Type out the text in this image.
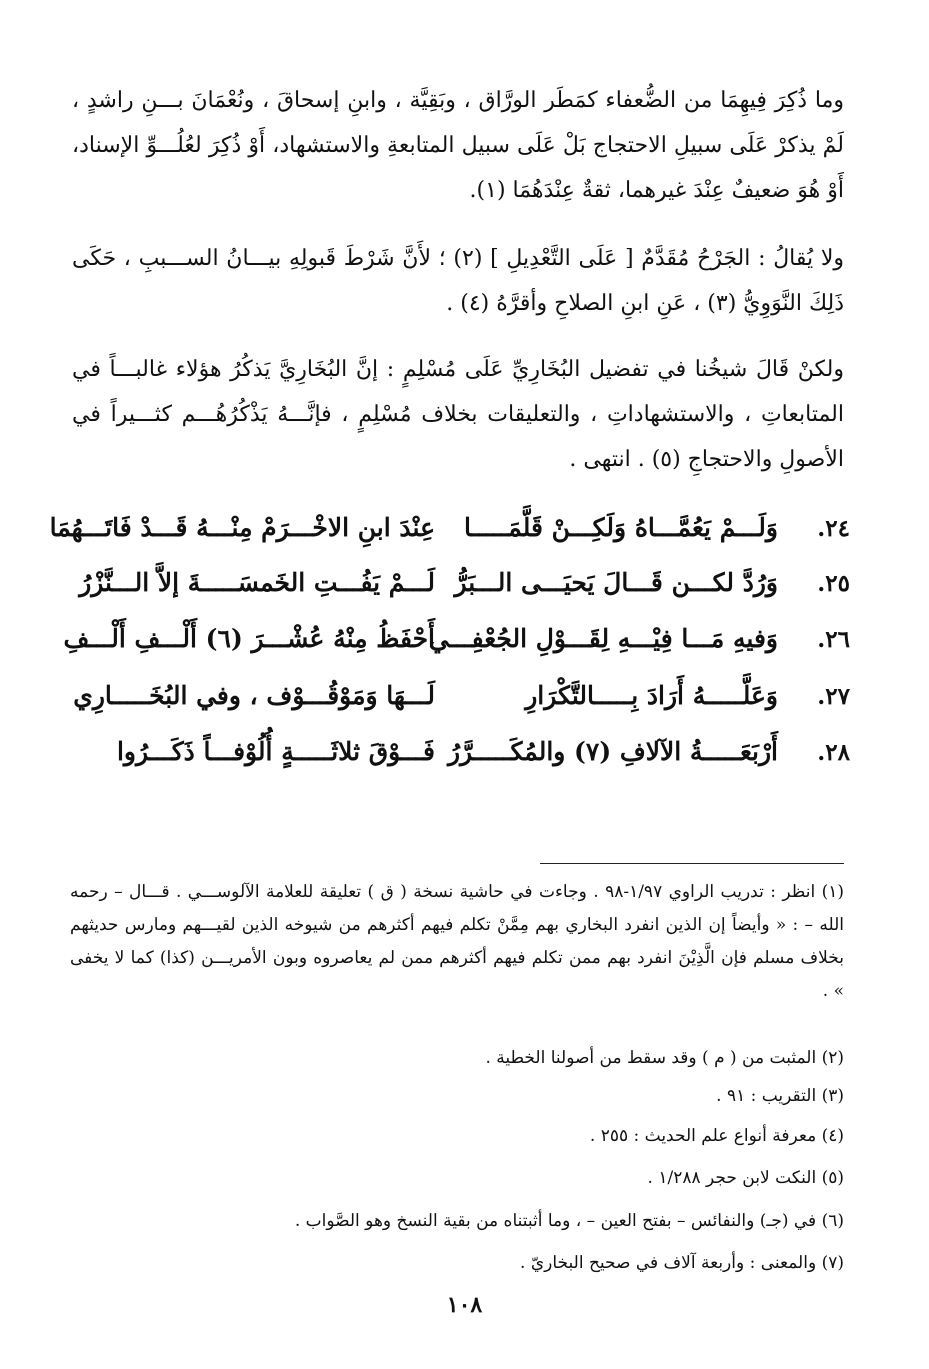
وما ذُكِرَ فِيهِمَا من الضُّعفاء كمَطَر الورَّاق ، وبَقِيَّة ، وابنِ إسحاقَ ، ونُعْمَانَ بـــنِ راشدٍ ، لَمْ يذكرْ عَلَى سبيلِ الاحتجاج بَلْ عَلَى سبيل المتابعةِ والاستشهاد، أَوْ ذُكِرَ لعُلُـــوِّ الإسناد، أَوْ هُوَ ضعيفٌ عِنْدَ غيرهما، ثقةٌ عِنْدَهُمَا (١).
ولا يُقالُ : الجَرْحُ مُقَدَّمٌ [ عَلَى التَّعْدِيلِ ] (٢) ؛ لأَنَّ شَرْطَ قَبولِهِ بيـــانُ الســـببِ ، حَكَى ذَلِكَ النَّوَوِيُّ (٣) ، عَنِ ابنِ الصلاحِ وأقرَّهُ (٤) .
ولكنْ قَالَ شيخُنا في تفضيل البُخَارِيِّ عَلَى مُسْلِمٍ : إنَّ البُخَارِيَّ يَذكُرُ هؤلاء غالبـــاً في المتابعاتِ ، والاستشهاداتِ ، والتعليقات بخلاف مُسْلِمٍ ، فإنَّـــهُ يَذْكُرُهُـــم كثـــيراً في الأصولِ والاحتجاجِ (٥) . انتهى .
٢٤.
وَلَـــمْ يَعُمَّـــاهُ وَلَكِـــنْ قَلَّمَـــــا
عِنْدَ ابنِ الاخْـــرَمْ مِنْـــهُ قَـــدْ فَاتَـــهُمَا
٢٥.
وَرُدَّ لكـــن قَـــالَ يَحيَـــى الـــبَرُّ
لَـــمْ يَفُـــتِ الخَمسَـــــةَ إلاَّ الـــنَّزْرُ
٢٦.
وَفيهِ مَـــا فِيْـــهِ لِقَـــوْلِ الجُعْفِـــي
أَحْفَظُ مِنْهُ عُشْـــرَ (٦) أَلْـــفِ أَلْـــفِ
٢٧.
وَعَلَّـــــهُ أَرَادَ بِـــــالتَّكْرَارِ
لَـــهَا وَمَوْقُـــوْف ، وفي البُخَـــــارِي
٢٨.
أَرْبَعَـــــةُ الآلافِ (٧) والمُكَـــــرَّرُ
فَـــوْقَ ثلاثَـــــةٍ أُلُوْفـــاً ذَكَـــرُوا
(١) انظر : تدريب الراوي ١/٩٧-٩٨ . وجاءت في حاشية نسخة ( ق ) تعليقة للعلامة الآلوســـي . قـــال – رحمه الله – : « وأيضاً إن الذين انفرد البخاري بهم مِمَّنْ تكلم فيهم أكثرهم من شيوخه الذين لقيـــهم ومارس حديثهم بخلاف مسلم فإن الَّذِيْنَ انفرد بهم ممن تكلم فيهم أكثرهم ممن لم يعاصروه وبون الأمريـــن (كذا) كما لا يخفى » .
(٢) المثبت من ( م ) وقد سقط من أصولنا الخطية .
(٣) التقريب : ٩١ .
(٤) معرفة أنواع علم الحديث : ٢٥٥ .
(٥) النكت لابن حجر ١/٢٨٨ .
(٦) في (جـ) والنفائس – بفتح العين – ، وما أثبتناه من بقية النسخ وهو الصَّواب .
(٧) والمعنى : وأربعة آلاف في صحيح البخاريّ .
١٠٨
